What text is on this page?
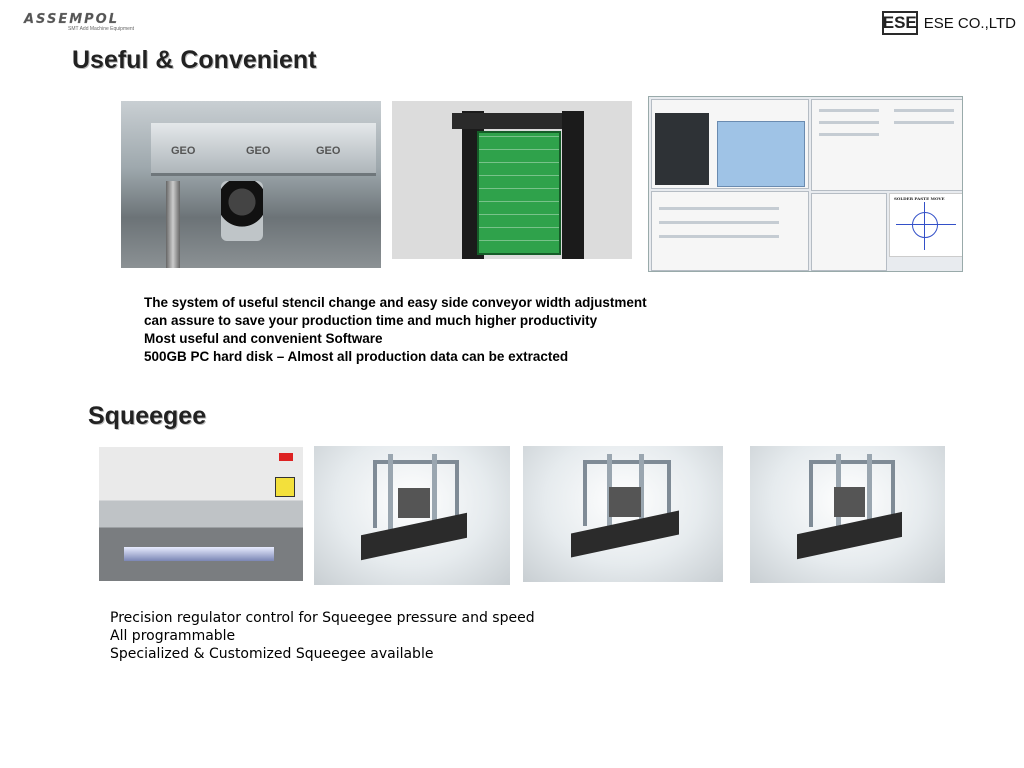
ASSEMPOL
SMT Add Machine Equipment	ESE ESE CO.,LTD
Useful & Convenient
GEO	GEO	GEO
SOLDER PASTE MOVE
The system of useful stencil change and easy side conveyor width adjustment
can assure to save your production time and much higher productivity
Most useful and convenient Software
500GB PC hard disk – Almost all production data can be extracted
Squeegee
Precision regulator control for Squeegee pressure and speed
All programmable
Specialized & Customized Squeegee available
